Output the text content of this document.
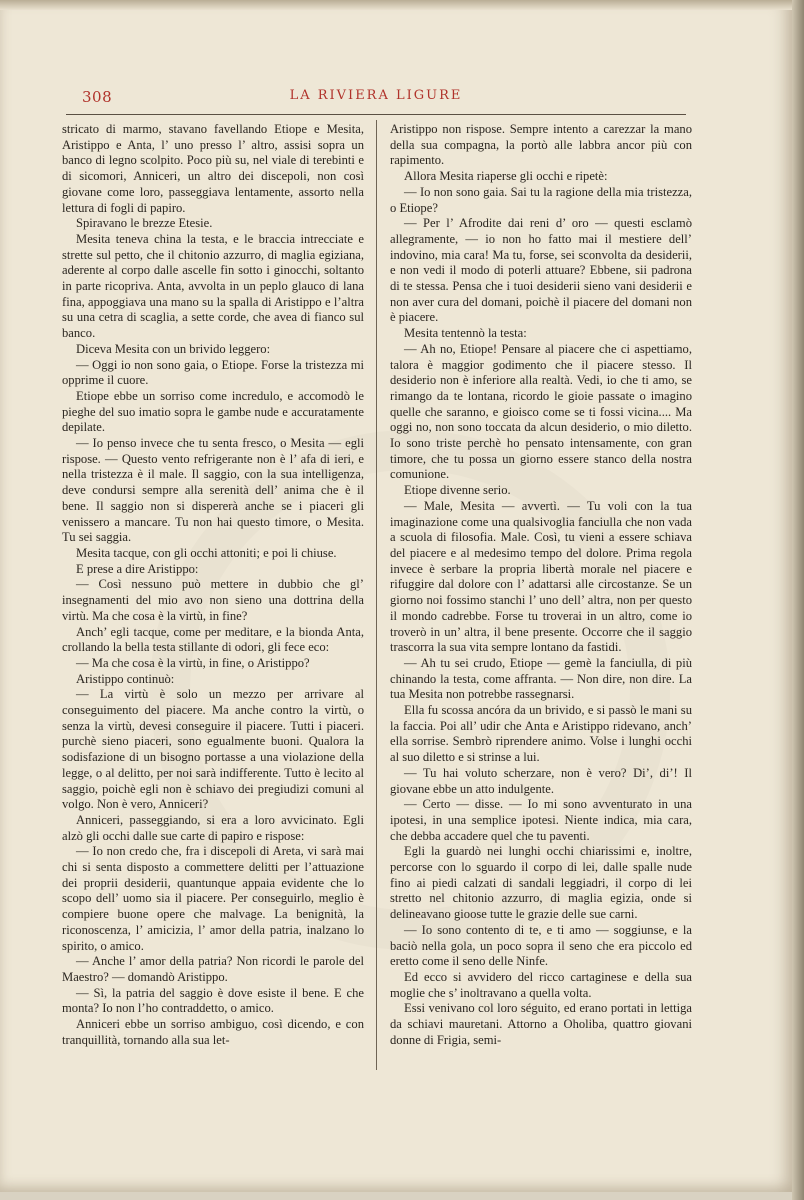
308	LA RIVIERA LIGURE

stricato di marmo, stavano favellando Etiope e Mesita, Aristippo e Anta, l’ uno presso l’ altro, assisi sopra un banco di legno scolpito. Poco più su, nel viale di terebinti e di sicomori, Anniceri, un altro dei discepoli, non così giovane come loro, passeggiava lentamente, assorto nella lettura di fogli di papiro.

Spiravano le brezze Etesie.

Mesita teneva china la testa, e le braccia intrecciate e strette sul petto, che il chitonio azzurro, di maglia egiziana, aderente al corpo dalle ascelle fin sotto i ginocchi, soltanto in parte ricopriva. Anta, avvolta in un peplo glauco di lana fina, appoggiava una mano su la spalla di Aristippo e l’altra su una cetra di scaglia, a sette corde, che avea di fianco sul banco.

Diceva Mesita con un brivido leggero:

— Oggi io non sono gaia, o Etiope. Forse la tristezza mi opprime il cuore.

Etiope ebbe un sorriso come incredulo, e accomodò le pieghe del suo imatio sopra le gambe nude e accuratamente depilate.

— Io penso invece che tu senta fresco, o Mesita — egli rispose. — Questo vento refrigerante non è l’ afa di ieri, e nella tristezza è il male. Il saggio, con la sua intelligenza, deve condursi sempre alla serenità dell’ anima che è il bene. Il saggio non si dispererà anche se i piaceri gli venissero a mancare. Tu non hai questo timore, o Mesita. Tu sei saggia.

Mesita tacque, con gli occhi attoniti; e poi li chiuse.

E prese a dire Aristippo:

— Così nessuno può mettere in dubbio che gl’ insegnamenti del mio avo non sieno una dottrina della virtù. Ma che cosa è la virtù, in fine?

Anch’ egli tacque, come per meditare, e la bionda Anta, crollando la bella testa stillante di odori, gli fece eco:

— Ma che cosa è la virtù, in fine, o Aristippo?

Aristippo continuò:

— La virtù è solo un mezzo per arrivare al conseguimento del piacere. Ma anche contro la virtù, o senza la virtù, devesi conseguire il piacere. Tutti i piaceri. purchè sieno piaceri, sono egualmente buoni. Qualora la sodisfazione di un bisogno portasse a una violazione della legge, o al delitto, per noi sarà indifferente. Tutto è lecito al saggio, poichè egli non è schiavo dei pregiudizi comuni al volgo. Non è vero, Anniceri?

Anniceri, passeggiando, si era a loro avvicinato. Egli alzò gli occhi dalle sue carte di papiro e rispose:

— Io non credo che, fra i discepoli di Areta, vi sarà mai chi si senta disposto a commettere delitti per l’attuazione dei proprii desiderii, quantunque appaia evidente che lo scopo dell’ uomo sia il piacere. Per conseguirlo, meglio è compiere buone opere che malvage. La benignità, la riconoscenza, l’ amicizia, l’ amor della patria, inalzano lo spirito, o amico.

— Anche l’ amor della patria? Non ricordi le parole del Maestro? — domandò Aristippo.

— Sì, la patria del saggio è dove esiste il bene. E che monta? Io non l’ho contraddetto, o amico.

Anniceri ebbe un sorriso ambiguo, così dicendo, e con tranquillità, tornando alla sua let-

Aristippo non rispose. Sempre intento a carezzar la mano della sua compagna, la portò alle labbra ancor più con rapimento.

Allora Mesita riaperse gli occhi e ripetè:

— Io non sono gaia. Sai tu la ragione della mia tristezza, o Etiope?

— Per l’ Afrodite dai reni d’ oro — questi esclamò allegramente, — io non ho fatto mai il mestiere dell’ indovino, mia cara! Ma tu, forse, sei sconvolta da desiderii, e non vedi il modo di poterli attuare? Ebbene, sii padrona di te stessa. Pensa che i tuoi desiderii sieno vani desiderii e non aver cura del domani, poichè il piacere del domani non è piacere.

Mesita tentennò la testa:

— Ah no, Etiope! Pensare al piacere che ci aspettiamo, talora è maggior godimento che il piacere stesso. Il desiderio non è inferiore alla realtà. Vedi, io che ti amo, se rimango da te lontana, ricordo le gioie passate o imagino quelle che saranno, e gioisco come se ti fossi vicina.... Ma oggi no, non sono toccata da alcun desiderio, o mio diletto. Io sono triste perchè ho pensato intensamente, con gran timore, che tu possa un giorno essere stanco della nostra comunione.

Etiope divenne serio.

— Male, Mesita — avvertì. — Tu voli con la tua imaginazione come una qualsivoglia fanciulla che non vada a scuola di filosofia. Male. Così, tu vieni a essere schiava del piacere e al medesimo tempo del dolore. Prima regola invece è serbare la propria libertà morale nel piacere e rifuggire dal dolore con l’ adattarsi alle circostanze. Se un giorno noi fossimo stanchi l’ uno dell’ altra, non per questo il mondo cadrebbe. Forse tu troverai in un altro, come io troverò in un’ altra, il bene presente. Occorre che il saggio trascorra la sua vita sempre lontano da fastidi.

— Ah tu sei crudo, Etiope — gemè la fanciulla, di più chinando la testa, come affranta. — Non dire, non dire. La tua Mesita non potrebbe rassegnarsi.

Ella fu scossa ancóra da un brivido, e si passò le mani su la faccia. Poi all’ udir che Anta e Aristippo ridevano, anch’ ella sorrise. Sembrò riprendere animo. Volse i lunghi occhi al suo diletto e si strinse a lui.

— Tu hai voluto scherzare, non è vero? Di’, di’! Il giovane ebbe un atto indulgente.

— Certo — disse. — Io mi sono avventurato in una ipotesi, in una semplice ipotesi. Niente indica, mia cara, che debba accadere quel che tu paventi.

Egli la guardò nei lunghi occhi chiarissimi e, inoltre, percorse con lo sguardo il corpo di lei, dalle spalle nude fino ai piedi calzati di sandali leggiadri, il corpo di lei stretto nel chitonio azzurro, di maglia egizia, onde si delineavano gioose tutte le grazie delle sue carni.

— Io sono contento di te, e ti amo — soggiunse, e la baciò nella gola, un poco sopra il seno che era piccolo ed eretto come il seno delle Ninfe.

Ed ecco si avvidero del ricco cartaginese e della sua moglie che s’ inoltravano a quella volta.

Essi venivano col loro séguito, ed erano portati in lettiga da schiavi mauretani. Attorno a Oholiba, quattro giovani donne di Frigia, semi-
